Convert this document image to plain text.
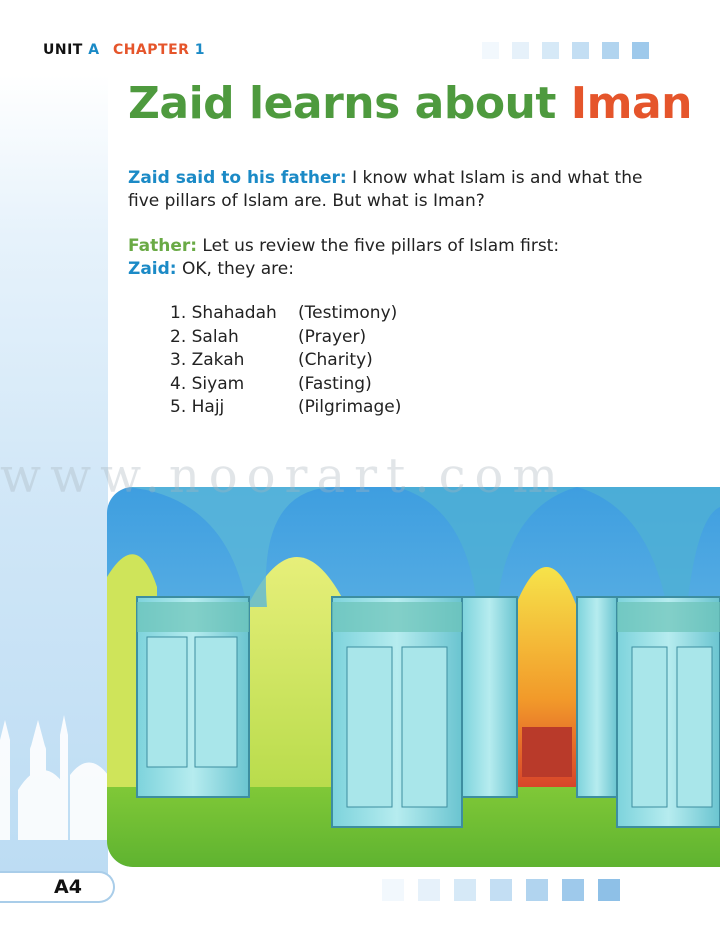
UNIT A CHAPTER 1
Zaid learns about Iman

Zaid said to his father: I know what Islam is and what the five pillars of Islam are. But what is Iman?

Father: Let us review the five pillars of Islam first:
Zaid: OK, they are:
1. Shahadah	(Testimony)
2. Salah	(Prayer)
3. Zakah	(Charity)
4. Siyam	(Fasting)
5. Hajj	(Pilgrimage)
www.noorart.com
A4
